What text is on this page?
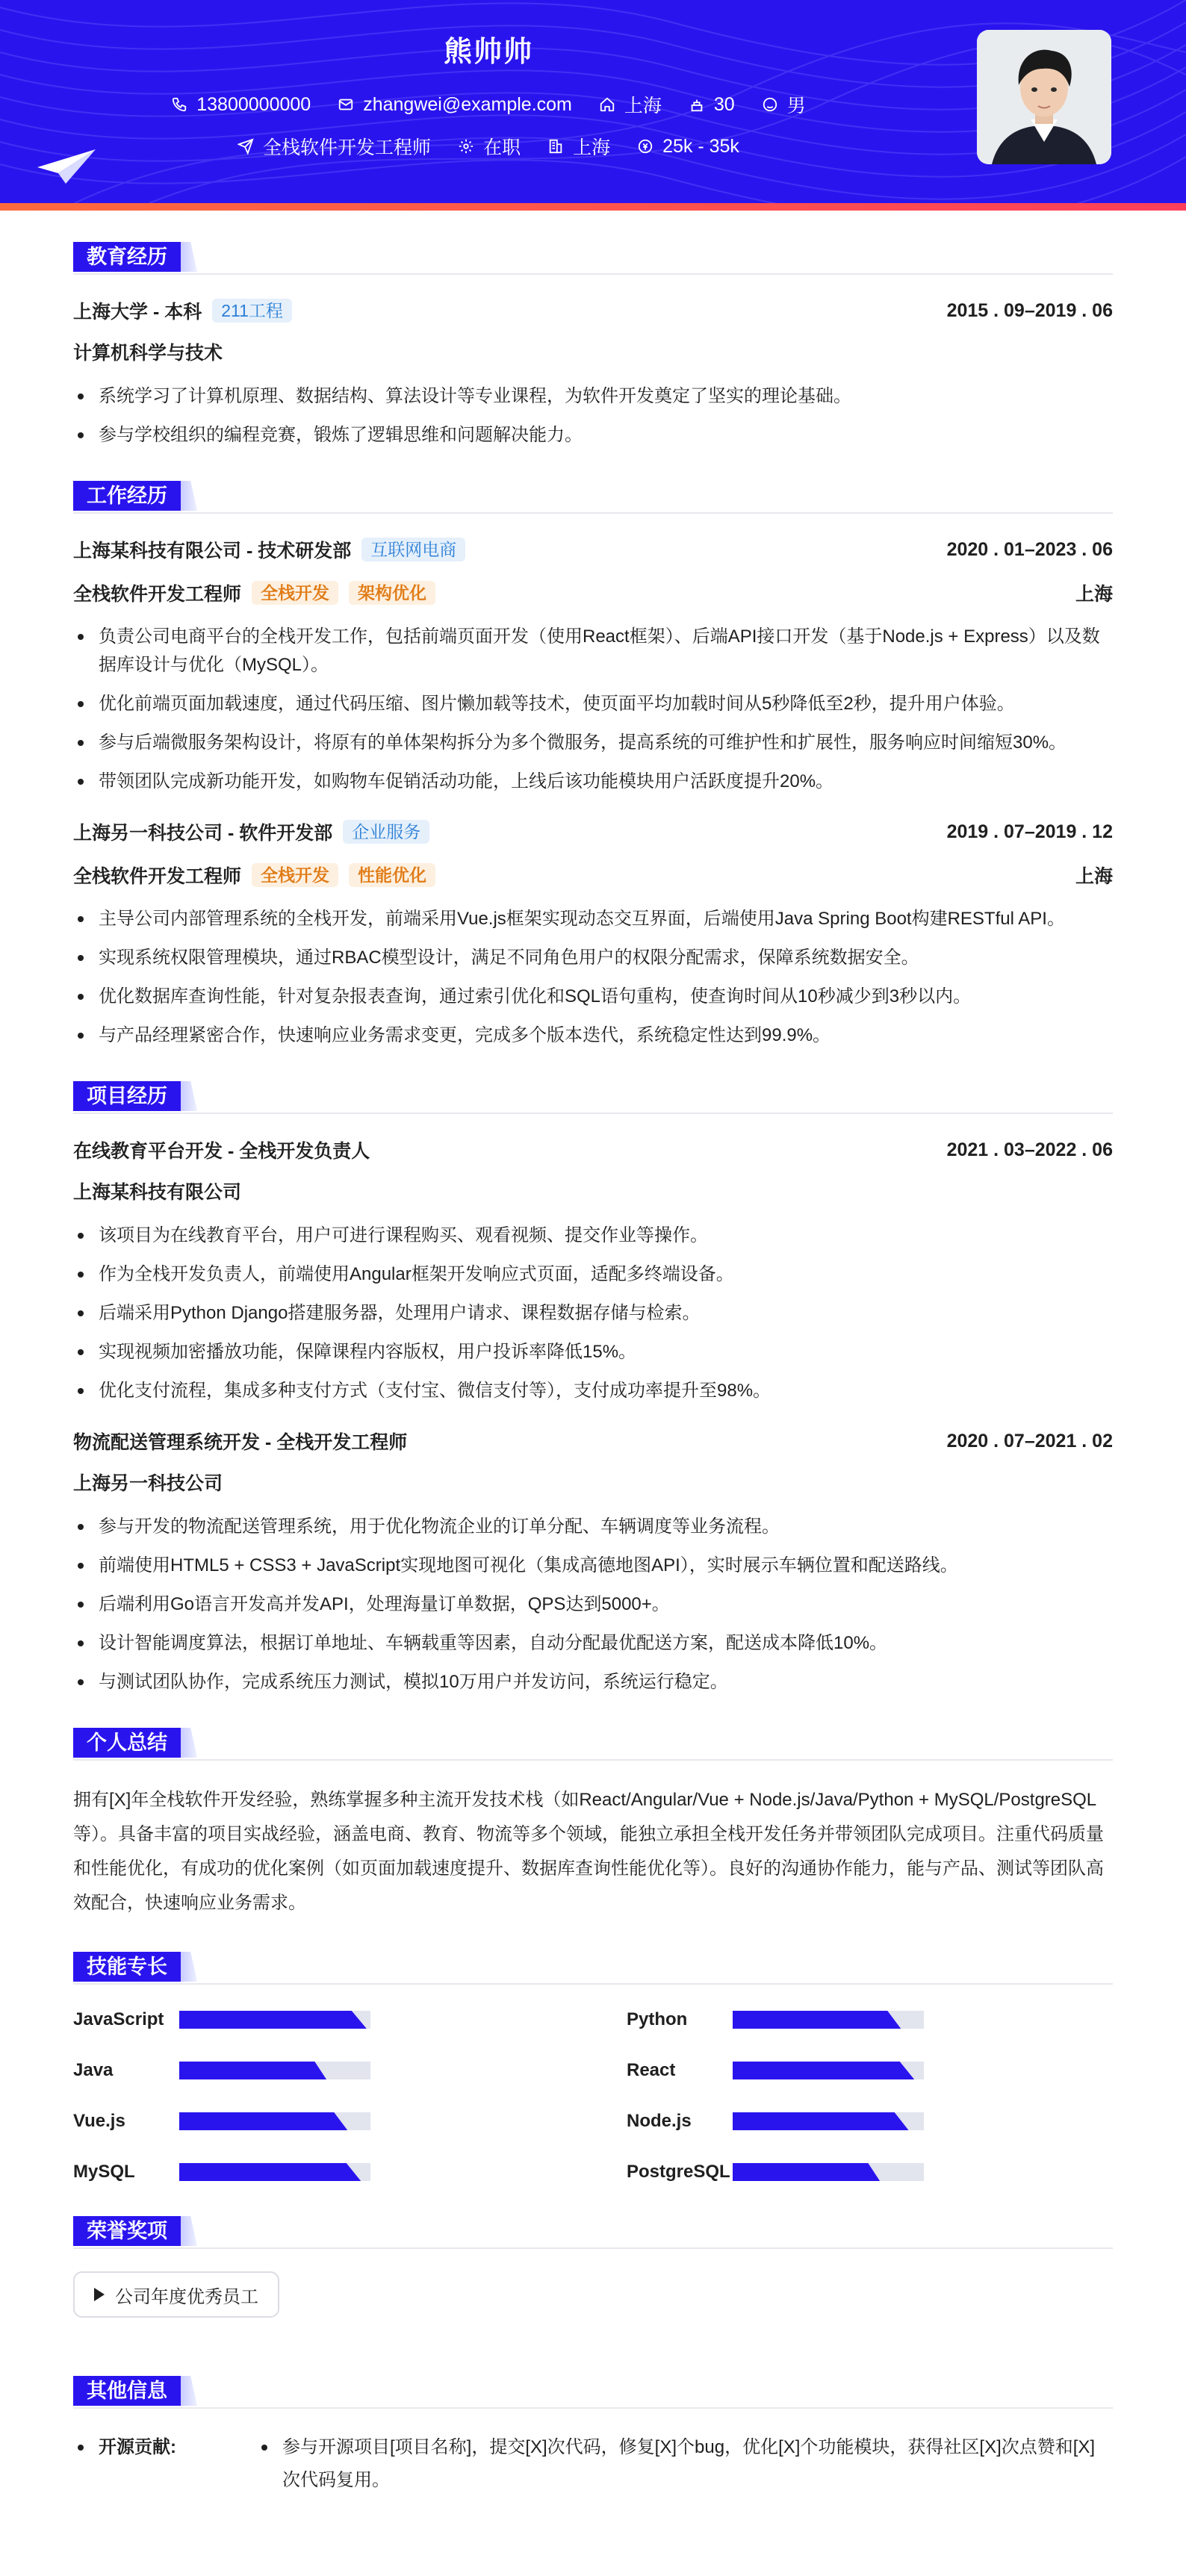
熊帅帅
13800000000	zhangwei@example.com	上海	30	男
全栈软件开发工程师	在职	上海	25k - 35k
教育经历
上海大学 - 本科	211工程	2015 . 09–2019 . 06
计算机科学与技术
系统学习了计算机原理、数据结构、算法设计等专业课程，为软件开发奠定了坚实的理论基础。
参与学校组织的编程竞赛，锻炼了逻辑思维和问题解决能力。
工作经历
上海某科技有限公司 - 技术研发部	互联网电商	2020 . 01–2023 . 06
全栈软件开发工程师	全栈开发	架构优化	上海
负责公司电商平台的全栈开发工作，包括前端页面开发（使用React框架）、后端API接口开发（基于Node.js + Express）以及数据库设计与优化（MySQL）。
优化前端页面加载速度，通过代码压缩、图片懒加载等技术，使页面平均加载时间从5秒降低至2秒，提升用户体验。
参与后端微服务架构设计，将原有的单体架构拆分为多个微服务，提高系统的可维护性和扩展性，服务响应时间缩短30%。
带领团队完成新功能开发，如购物车促销活动功能，上线后该功能模块用户活跃度提升20%。
上海另一科技公司 - 软件开发部	企业服务	2019 . 07–2019 . 12
全栈软件开发工程师	全栈开发	性能优化	上海
主导公司内部管理系统的全栈开发，前端采用Vue.js框架实现动态交互界面，后端使用Java Spring Boot构建RESTful API。
实现系统权限管理模块，通过RBAC模型设计，满足不同角色用户的权限分配需求，保障系统数据安全。
优化数据库查询性能，针对复杂报表查询，通过索引优化和SQL语句重构，使查询时间从10秒减少到3秒以内。
与产品经理紧密合作，快速响应业务需求变更，完成多个版本迭代，系统稳定性达到99.9%。
项目经历
在线教育平台开发 - 全栈开发负责人	2021 . 03–2022 . 06
上海某科技有限公司
该项目为在线教育平台，用户可进行课程购买、观看视频、提交作业等操作。
作为全栈开发负责人，前端使用Angular框架开发响应式页面，适配多终端设备。
后端采用Python Django搭建服务器，处理用户请求、课程数据存储与检索。
实现视频加密播放功能，保障课程内容版权，用户投诉率降低15%。
优化支付流程，集成多种支付方式（支付宝、微信支付等），支付成功率提升至98%。
物流配送管理系统开发 - 全栈开发工程师	2020 . 07–2021 . 02
上海另一科技公司
参与开发的物流配送管理系统，用于优化物流企业的订单分配、车辆调度等业务流程。
前端使用HTML5 + CSS3 + JavaScript实现地图可视化（集成高德地图API），实时展示车辆位置和配送路线。
后端利用Go语言开发高并发API，处理海量订单数据，QPS达到5000+。
设计智能调度算法，根据订单地址、车辆载重等因素，自动分配最优配送方案，配送成本降低10%。
与测试团队协作，完成系统压力测试，模拟10万用户并发访问，系统运行稳定。
个人总结

拥有[X]年全栈软件开发经验，熟练掌握多种主流开发技术栈（如React/Angular/Vue + Node.js/Java/Python + MySQL/PostgreSQL等）。具备丰富的项目实战经验，涵盖电商、教育、物流等多个领域，能独立承担全栈开发任务并带领团队完成项目。注重代码质量和性能优化，有成功的优化案例（如页面加载速度提升、数据库查询性能优化等）。良好的沟通协作能力，能与产品、测试等团队高效配合，快速响应业务需求。

技能专长
JavaScript	Python
Java	React
Vue.js	Node.js
MySQL	PostgreSQL
荣誉奖项
公司年度优秀员工
其他信息
开源贡献:	参与开源项目[项目名称]，提交[X]次代码，修复[X]个bug，优化[X]个功能模块，获得社区[X]次点赞和[X]次代码复用。
